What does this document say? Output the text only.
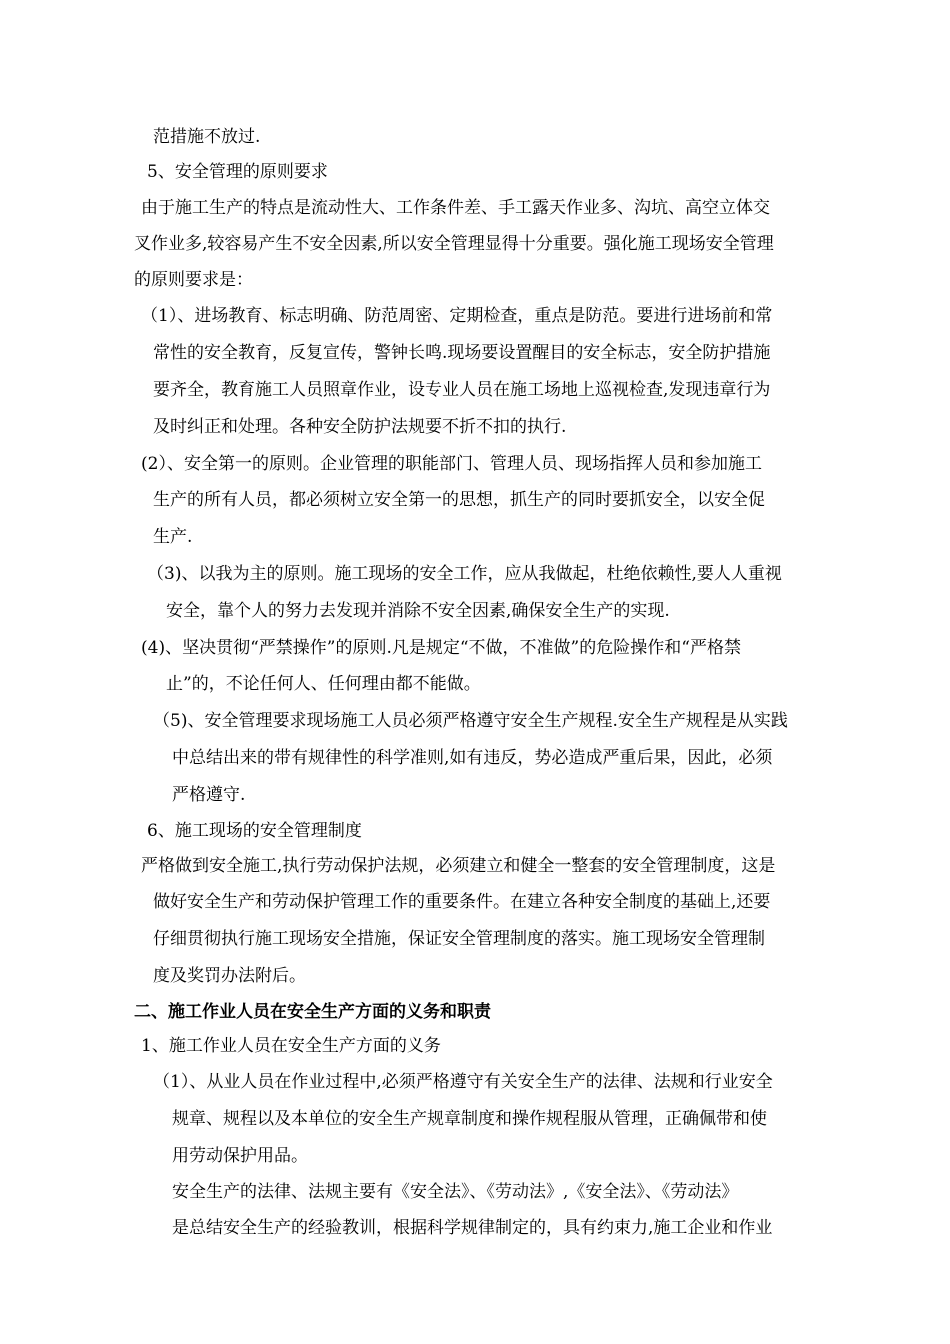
范措施不放过.
5、安全管理的原则要求
由于施工生产的特点是流动性大、工作条件差、手工露天作业多、沟坑、高空立体交
叉作业多,较容易产生不安全因素,所以安全管理显得十分重要。强化施工现场安全管理
的原则要求是：
（1）、进场教育、标志明确、防范周密、定期检查，重点是防范。要进行进场前和常
常性的安全教育，反复宣传，警钟长鸣.现场要设置醒目的安全标志，安全防护措施
要齐全，教育施工人员照章作业，设专业人员在施工场地上巡视检查,发现违章行为
及时纠正和处理。各种安全防护法规要不折不扣的执行.
(2）、安全第一的原则。企业管理的职能部门、管理人员、现场指挥人员和参加施工
生产的所有人员，都必须树立安全第一的思想，抓生产的同时要抓安全，以安全促
生产.
（3)、以我为主的原则。施工现场的安全工作，应从我做起，杜绝依赖性,要人人重视
安全，靠个人的努力去发现并消除不安全因素,确保安全生产的实现.
(4)、坚决贯彻“严禁操作”的原则.凡是规定“不做，不准做”的危险操作和“严格禁
止”的，不论任何人、任何理由都不能做。
（5)、安全管理要求现场施工人员必须严格遵守安全生产规程.安全生产规程是从实践
中总结出来的带有规律性的科学准则,如有违反，势必造成严重后果，因此，必须
严格遵守.
6、施工现场的安全管理制度
严格做到安全施工,执行劳动保护法规，必须建立和健全一整套的安全管理制度，这是
做好安全生产和劳动保护管理工作的重要条件。在建立各种安全制度的基础上,还要
仔细贯彻执行施工现场安全措施，保证安全管理制度的落实。施工现场安全管理制
度及奖罚办法附后。
二、施工作业人员在安全生产方面的义务和职责
1、施工作业人员在安全生产方面的义务
（1）、从业人员在作业过程中,必须严格遵守有关安全生产的法律、法规和行业安全
规章、规程以及本单位的安全生产规章制度和操作规程服从管理，正确佩带和使
用劳动保护用品。
安全生产的法律、法规主要有《安全法》、《劳动法》,《安全法》、《劳动法》
是总结安全生产的经验教训，根据科学规律制定的，具有约束力,施工企业和作业
